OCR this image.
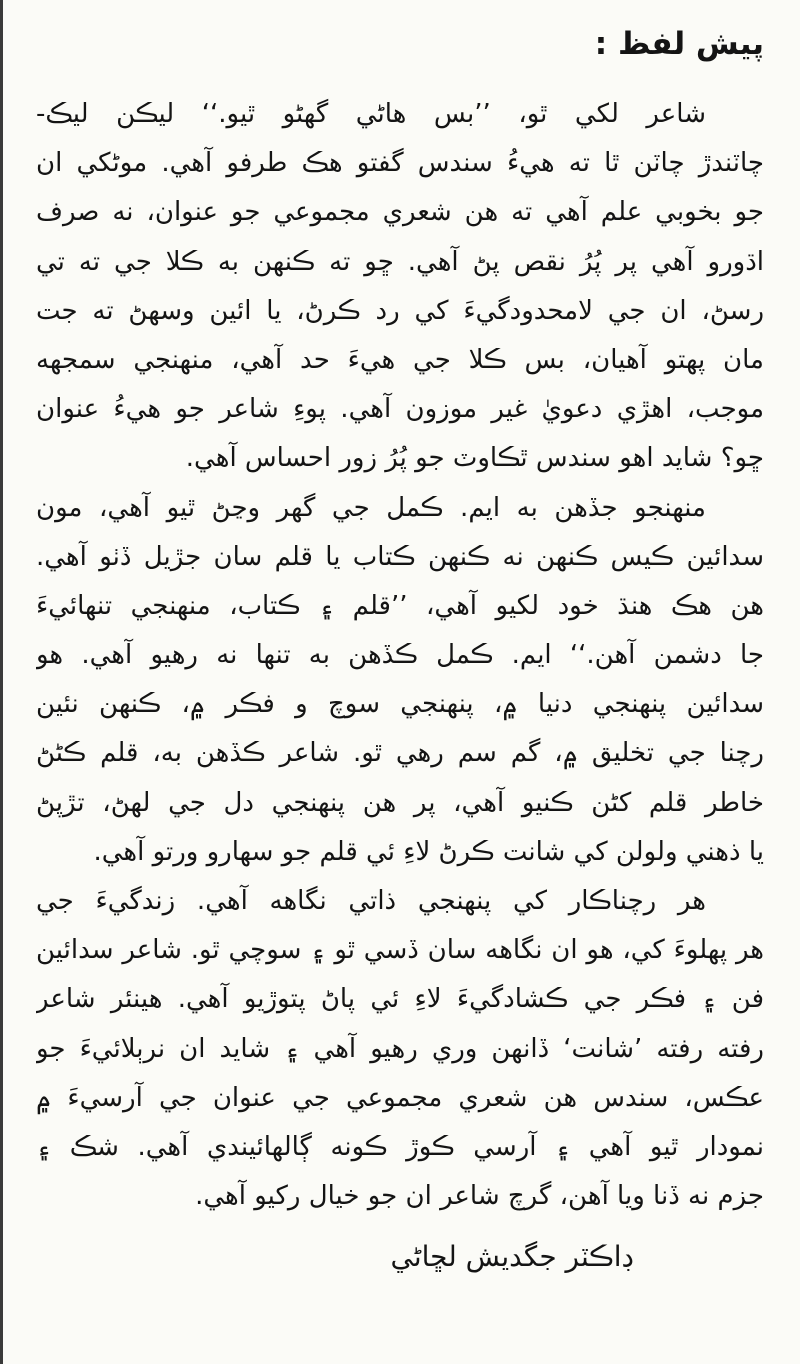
پيش لفظ :
شاعر لکي ٿو، ’’بس هاڻي گهڻو ٿيو.‘‘ ليڪن ليڪ-
چاٽندڙ چاٽن ٿا ته هيءُ سندس گفتو هڪ طرفو آهي. موڻکي ان
جو بخوبي علم آهي ته هن شعري مجموعي جو عنوان، نه صرف
اڌورو آهي پر پُرُ نقص پڻ آهي. ڇو ته ڪنهن به ڪلا جي ته تي
رسڻ، ان جي لامحدودگيءَ کي رد ڪرڻ، يا ائين وسهڻ ته جت
مان پهتو آهيان، بس ڪلا جي هيءَ حد آهي، منهنجي سمجهه
موجب، اهڙي دعويٰ غير موزون آهي. پوءِ شاعر جو هيءُ عنوان
ڇو؟ شايد اهو سندس ٿڪاوٽ جو پُرُ زور احساس آهي.
منهنجو جڏهن به ايم. ڪمل جي گهر وڃڻ ٿيو آهي، مون
سدائين ڪيس ڪنهن نه ڪنهن ڪتاب يا قلم سان جڙيل ڏٺو آهي.
هن هڪ هنڌ خود لکيو آهي، ’’قلم ۽ ڪتاب، منهنجي تنهائيءَ
جا دشمن آهن.‘‘ ايم. ڪمل ڪڏهن به تنها نه رهيو آهي. هو
سدائين پنهنجي دنيا ۾، پنهنجي سوچ و فڪر ۾، ڪنهن نئين
رچنا جي تخليق ۾، گم سم رهي ٿو. شاعر ڪڏهن به، قلم ڪڻڻ
خاطر قلم کڻن ڪنيو آهي، پر هن پنهنجي دل جي لهڻ، تڙپڻ
يا ذهني ولولن کي شانت ڪرڻ لاءِ ئي قلم جو سهارو ورتو آهي.
هر رچناڪار کي پنهنجي ذاتي نگاهه آهي. زندگيءَ جي
هر پهلوءَ کي، هو ان نگاهه سان ڏسي ٿو ۽ سوچي ٿو. شاعر سدائين
فن ۽ فڪر جي ڪشادگيءَ لاءِ ئي پاڻ پتوڙيو آهي. هينئر شاعر
رفته رفته ’شانت‘ ڏانهن وري رهيو آهي ۽ شايد ان نرٻلائيءَ جو
عڪس، سندس هن شعري مجموعي جي عنوان جي آرسيءَ ۾
نمودار ٿيو آهي ۽ آرسي ڪوڙ ڪونه ڳالهائيندي آهي. شڪ ۽
جزم نه ڏنا ويا آهن، گرچ شاعر ان جو خيال رکيو آهي.
ڊاڪٽر جگديش لڇاڻي
